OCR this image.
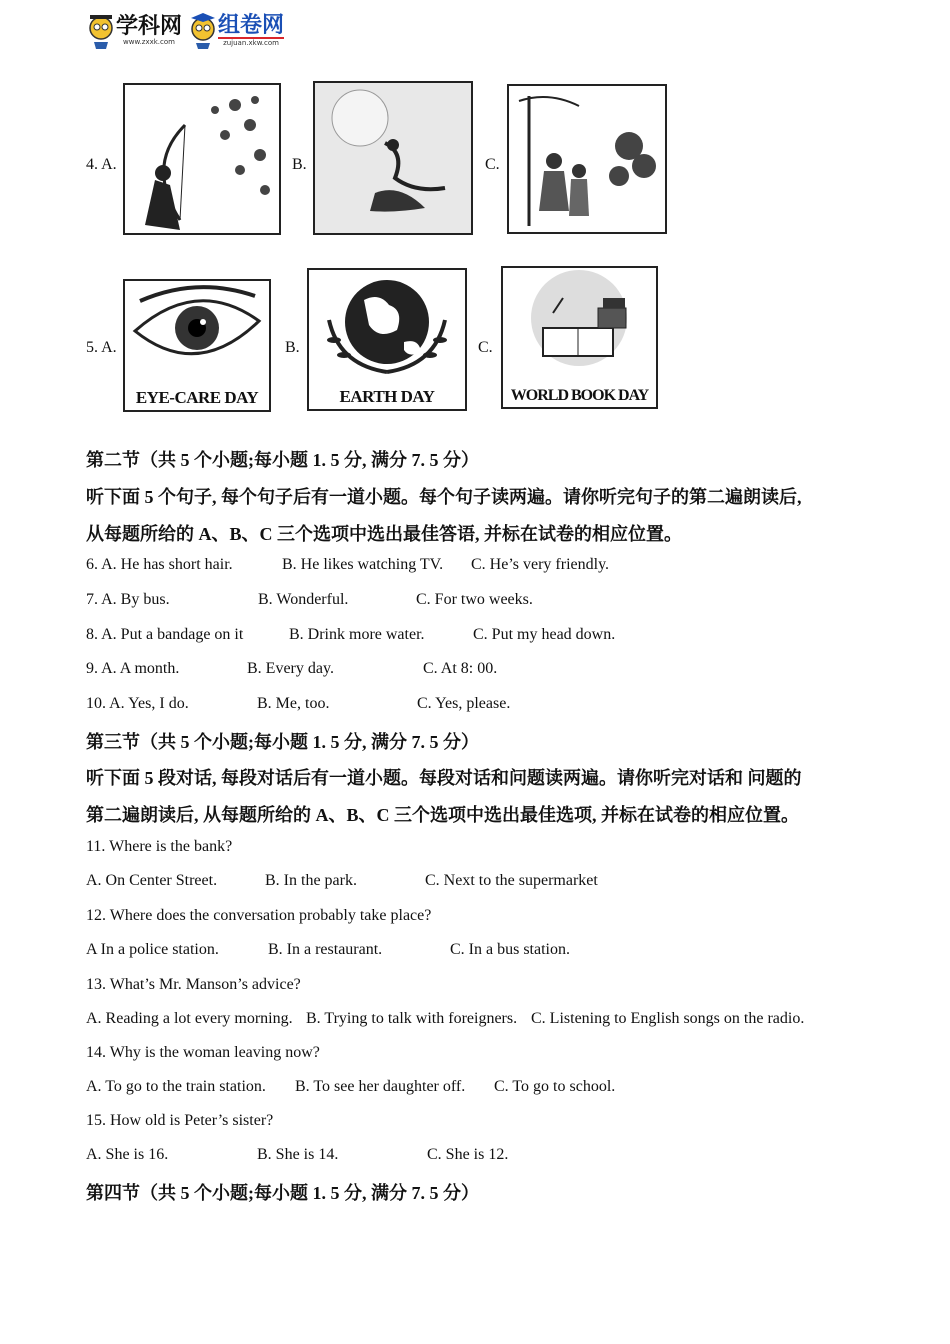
学科网
www.zxxk.com
组卷网
zujuan.xkw.com
4. A.	B.	C.
5. A.
EYE-CARE DAY
B.
EARTH DAY
C.
WORLD BOOK DAY
第二节（共 5 个小题;每小题 1. 5 分, 满分 7. 5 分）
听下面 5 个句子, 每个句子后有一道小题。每个句子读两遍。请你听完句子的第二遍朗读后,
从每题所给的 A、B、C 三个选项中选出最佳答语, 并标在试卷的相应位置。
6. A. He has short hair.	B. He likes watching TV. C. He’s very friendly.
7. A. By bus.	B. Wonderful.	C. For two weeks.
8. A. Put a bandage on it	B. Drink more water.	C. Put my head down.
9. A. A month.	B. Every day.	C. At 8: 00.
10. A. Yes, I do.	B. Me, too.	C. Yes, please.
第三节（共 5 个小题;每小题 1. 5 分, 满分 7. 5 分）
听下面 5 段对话, 每段对话后有一道小题。每段对话和问题读两遍。请你听完对话和 问题的
第二遍朗读后, 从每题所给的 A、B、C 三个选项中选出最佳选项, 并标在试卷的相应位置。
11. Where is the bank?
A. On Center Street.	B. In the park.	C. Next to the supermarket
12. Where does the conversation probably take place?
A In a police station.	B. In a restaurant.	C. In a bus station.
13. What’s Mr. Manson’s advice?
A. Reading a lot every morning. B. Trying to talk with foreigners. C. Listening to English songs on the radio.
14. Why is the woman leaving now?
A. To go to the train station. B. To see her daughter off. C. To go to school.
15. How old is Peter’s sister?
A. She is 16.	B. She is 14.	C. She is 12.
第四节（共 5 个小题;每小题 1. 5 分, 满分 7. 5 分）
